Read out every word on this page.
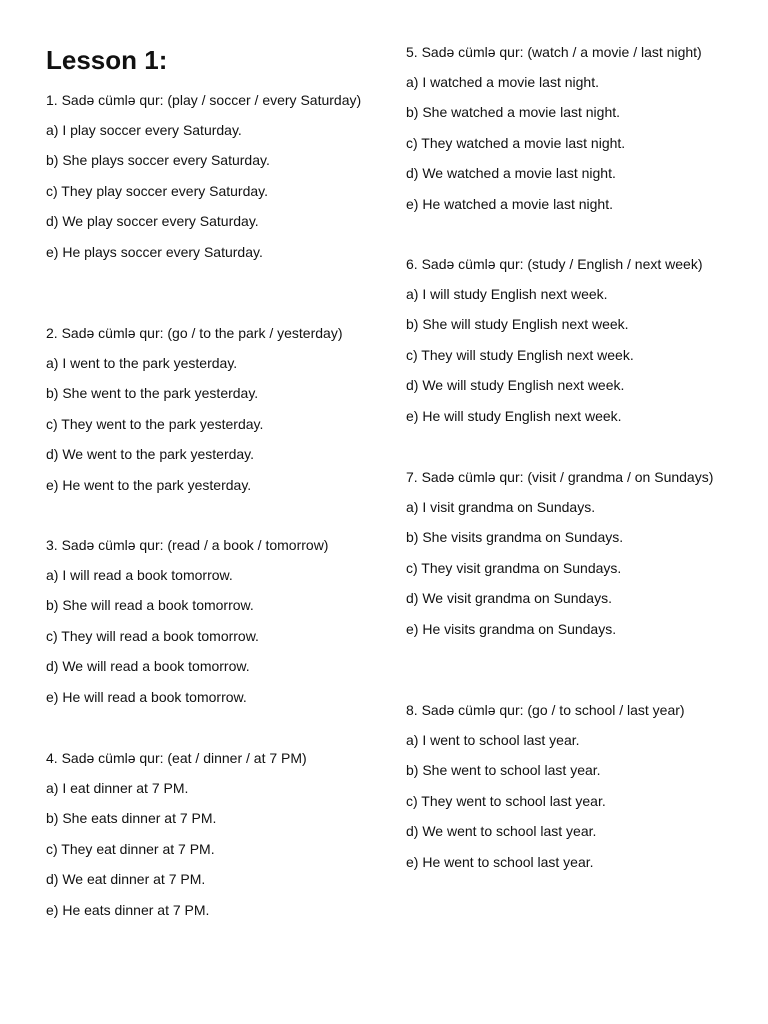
Lesson 1:

1. Sadə cümlə qur: (play / soccer / every Saturday)

a) I play soccer every Saturday.
b) She plays soccer every Saturday.
c) They play soccer every Saturday.
d) We play soccer every Saturday.
e) He plays soccer every Saturday.

2. Sadə cümlə qur: (go / to the park / yesterday)

a) I went to the park yesterday.
b) She went to the park yesterday.
c) They went to the park yesterday.
d) We went to the park yesterday.
e) He went to the park yesterday.

3. Sadə cümlə qur: (read / a book / tomorrow)

a) I will read a book tomorrow.
b) She will read a book tomorrow.
c) They will read a book tomorrow.
d) We will read a book tomorrow.
e) He will read a book tomorrow.

4. Sadə cümlə qur: (eat / dinner / at 7 PM)

a) I eat dinner at 7 PM.
b) She eats dinner at 7 PM.
c) They eat dinner at 7 PM.
d) We eat dinner at 7 PM.
e) He eats dinner at 7 PM.

5. Sadə cümlə qur: (watch / a movie / last night)

a) I watched a movie last night.
b) She watched a movie last night.
c) They watched a movie last night.
d) We watched a movie last night.
e) He watched a movie last night.

6. Sadə cümlə qur: (study / English / next week)

a) I will study English next week.
b) She will study English next week.
c) They will study English next week.
d) We will study English next week.
e) He will study English next week.

7. Sadə cümlə qur: (visit / grandma / on Sundays)

a) I visit grandma on Sundays.
b) She visits grandma on Sundays.
c) They visit grandma on Sundays.
d) We visit grandma on Sundays.
e) He visits grandma on Sundays.

8. Sadə cümlə qur: (go / to school / last year)

a) I went to school last year.
b) She went to school last year.
c) They went to school last year.
d) We went to school last year.
e) He went to school last year.
